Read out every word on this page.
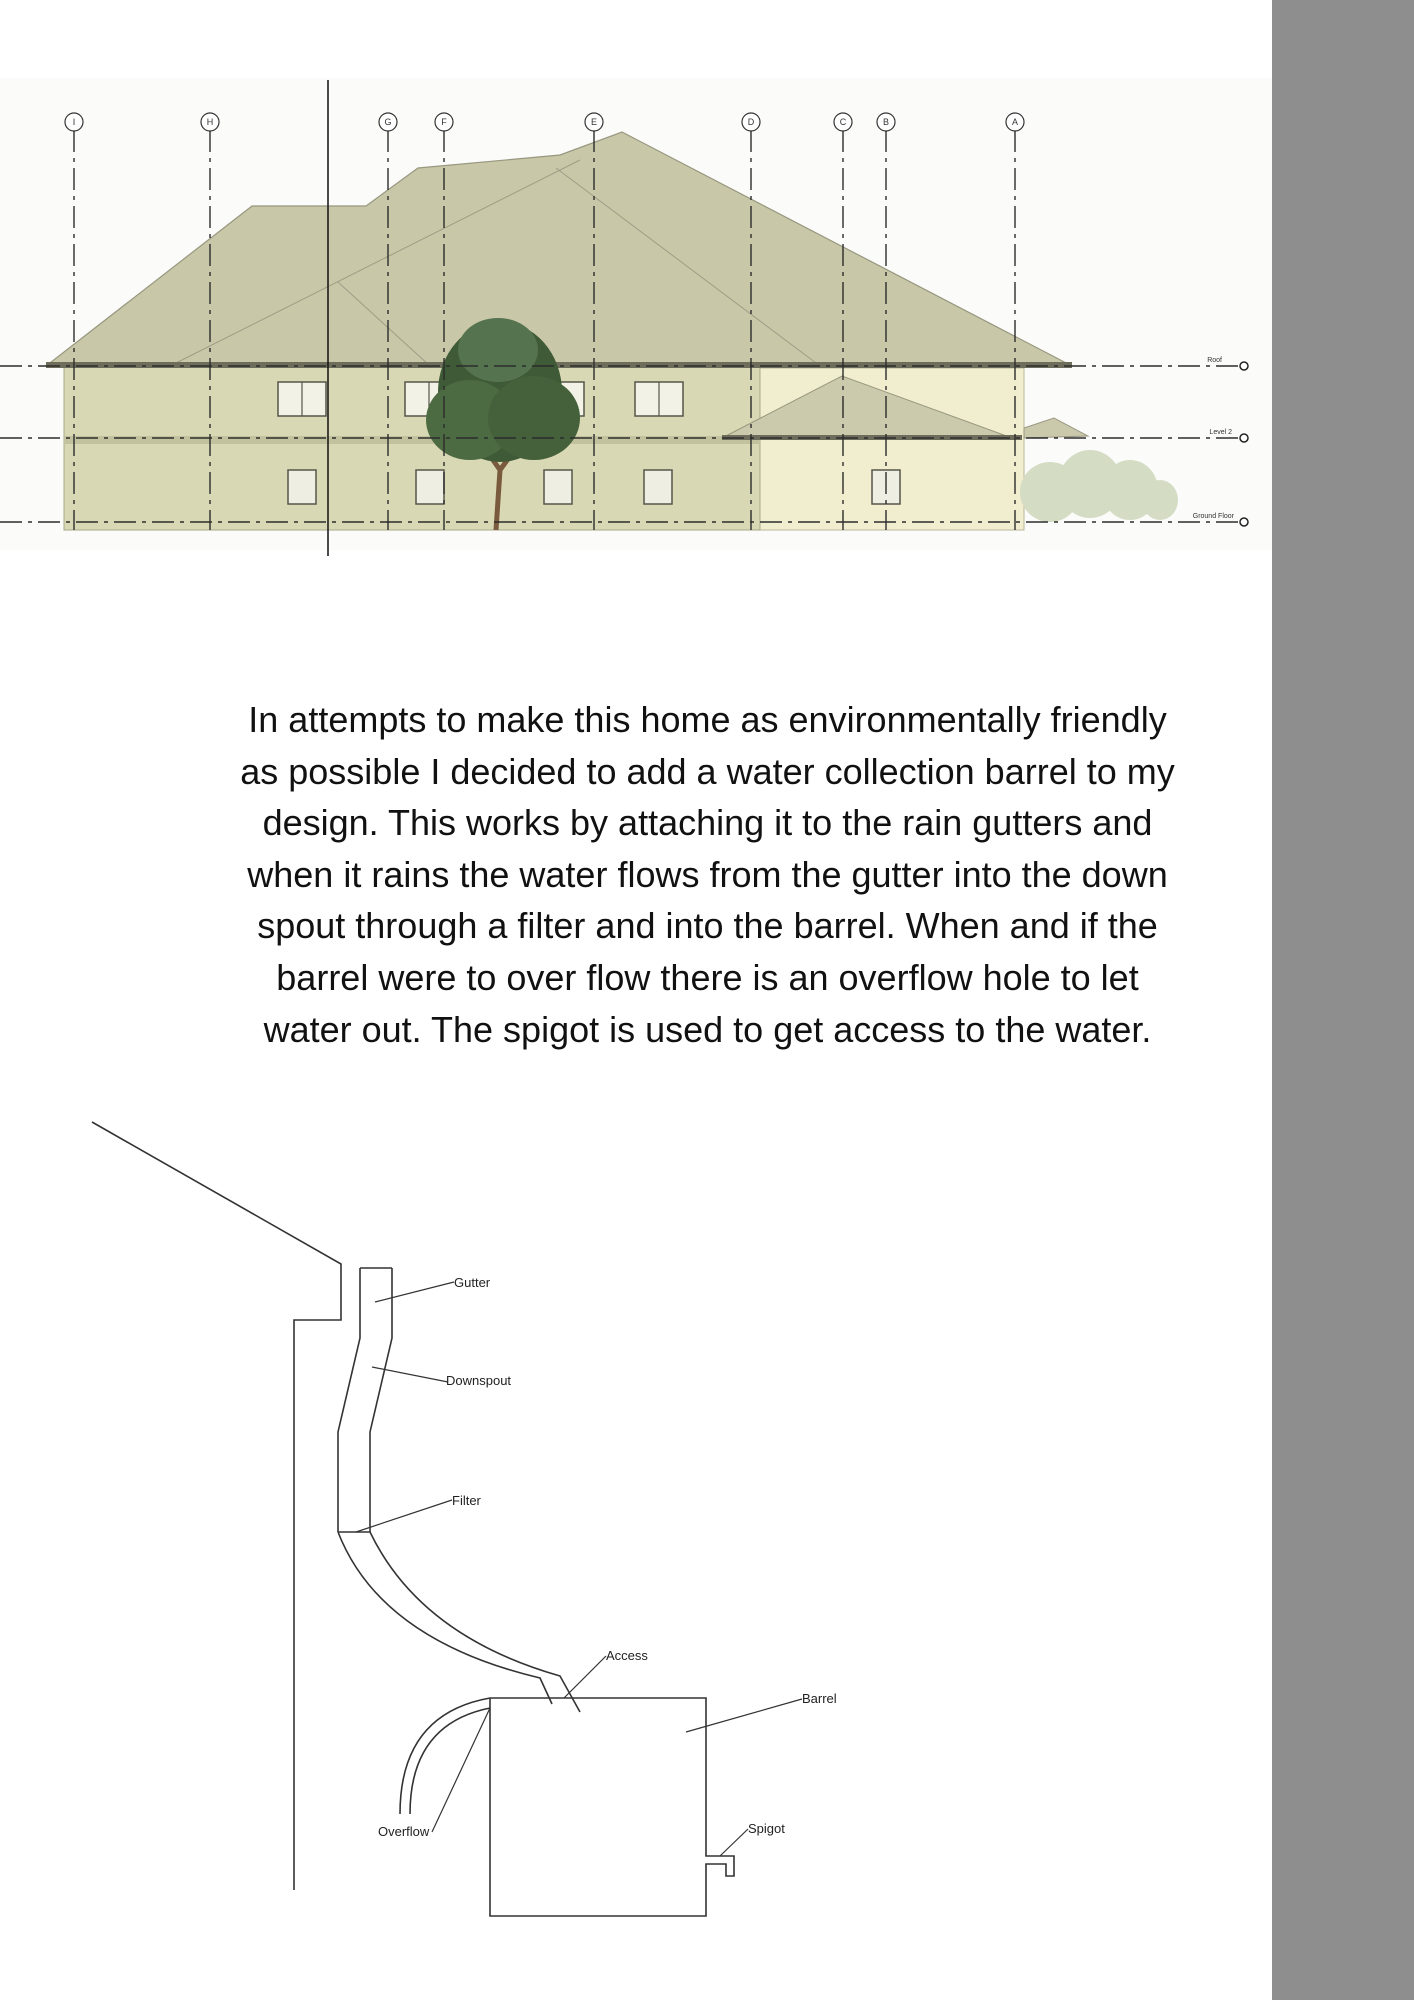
Roof
Level 2
Ground Floor
I	H	G	F	E	D	C	B	A

In attempts to make this home as environmentally friendly as possible I decided to add a water collection barrel to my design. This works by attaching it to the rain gutters and when it rains the water flows from the gutter into the down spout through a filter and into the barrel. When and if the barrel were to over flow there is an overflow hole to let water out. The spigot is used to get access to the water.

Gutter
Downspout
Filter
Access
Barrel
Spigot
Overflow
